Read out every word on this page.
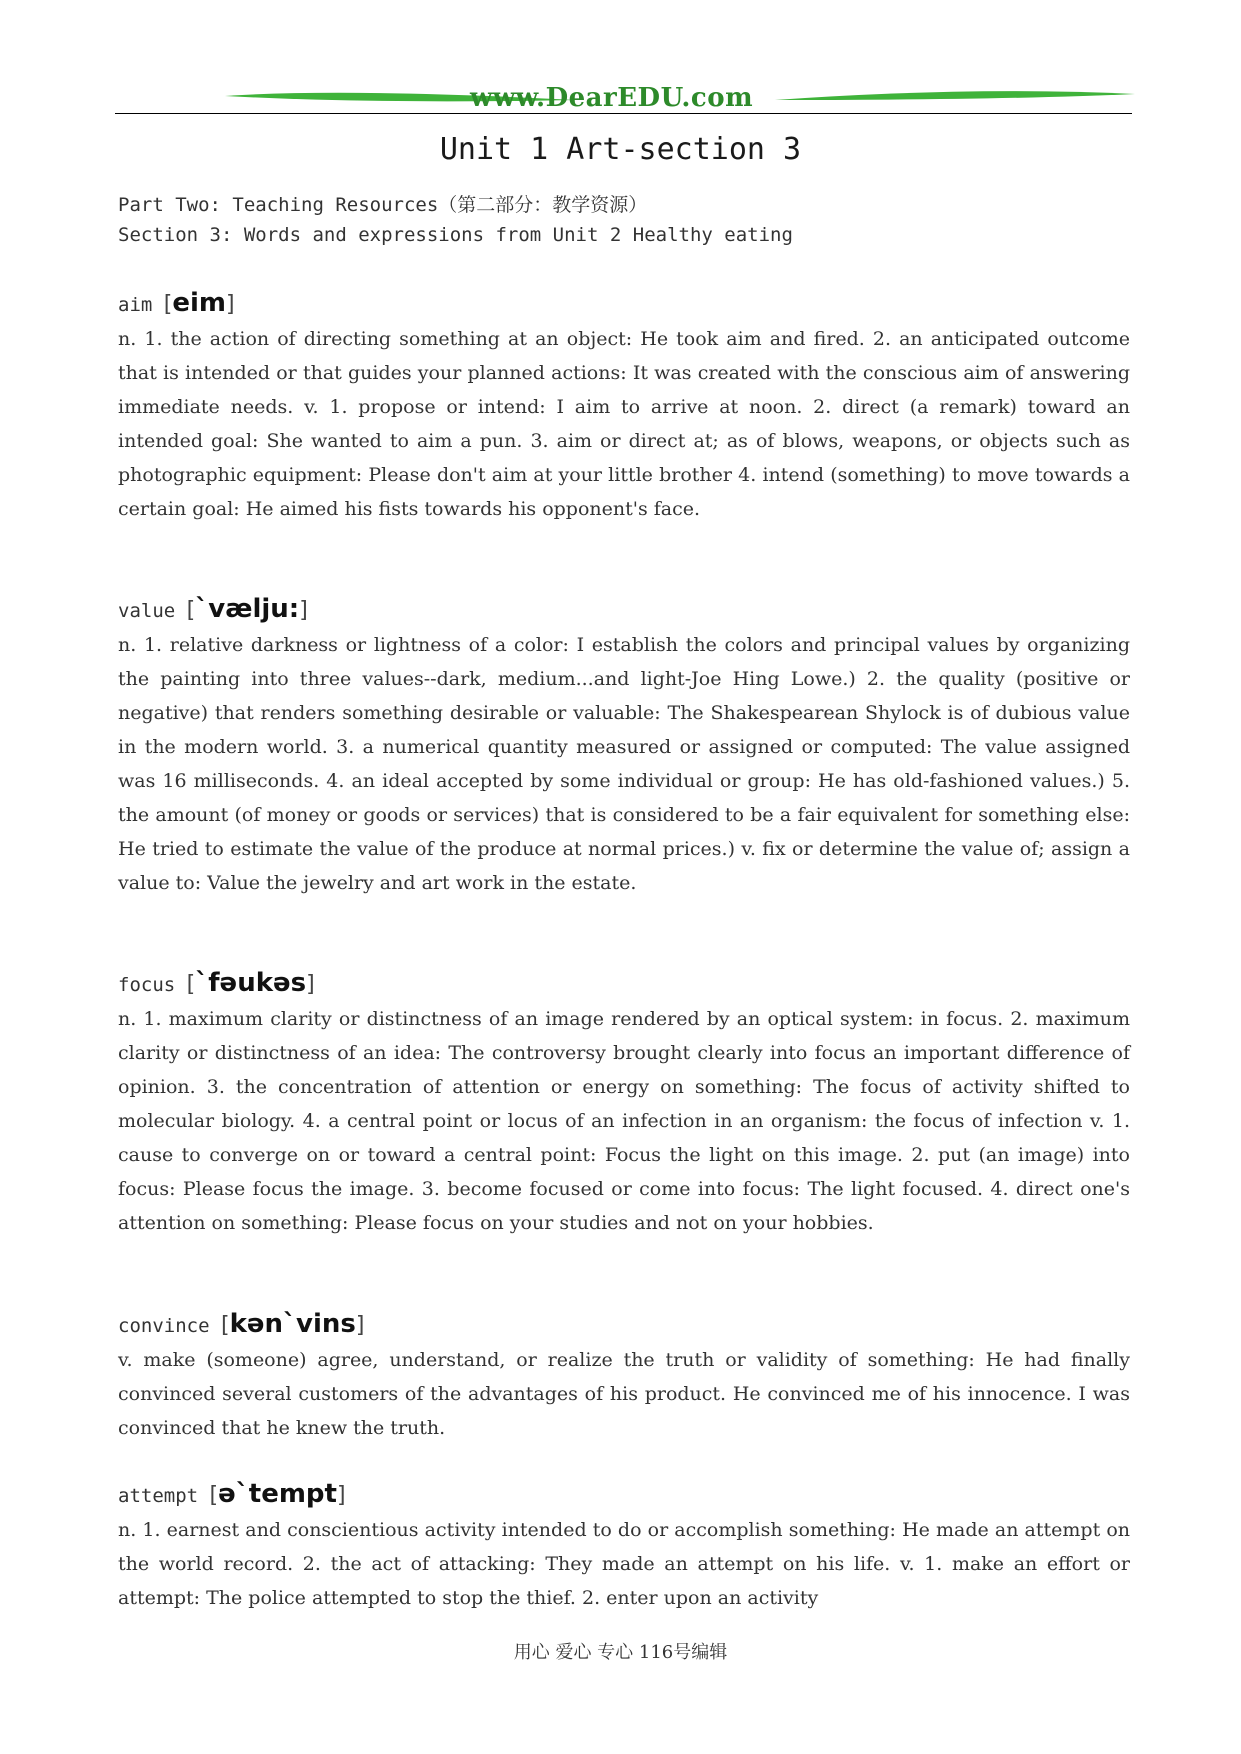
www.DearEDU.com
Unit 1 Art-section 3
Part Two: Teaching Resources（第二部分：教学资源）
Section 3: Words and expressions from Unit 2 Healthy eating
aim [eim]

n. 1. the action of directing something at an object: He took aim and fired. 2. an anticipated outcome that is intended or that guides your planned actions: It was created with the conscious aim of answering immediate needs. v. 1. propose or intend: I aim to arrive at noon. 2. direct (a remark) toward an intended goal: She wanted to aim a pun. 3. aim or direct at; as of blows, weapons, or objects such as photographic equipment: Please don't aim at your little brother 4. intend (something) to move towards a certain goal: He aimed his fists towards his opponent's face.

value [`vælju:]

n. 1. relative darkness or lightness of a color: I establish the colors and principal values by organizing the painting into three values--dark, medium...and light-Joe Hing Lowe.) 2. the quality (positive or negative) that renders something desirable or valuable: The Shakespearean Shylock is of dubious value in the modern world. 3. a numerical quantity measured or assigned or computed: The value assigned was 16 milliseconds. 4. an ideal accepted by some individual or group: He has old-fashioned values.) 5. the amount (of money or goods or services) that is considered to be a fair equivalent for something else: He tried to estimate the value of the produce at normal prices.) v. fix or determine the value of; assign a value to: Value the jewelry and art work in the estate.

focus [`fəukəs]

n. 1. maximum clarity or distinctness of an image rendered by an optical system: in focus. 2. maximum clarity or distinctness of an idea: The controversy brought clearly into focus an important difference of opinion. 3. the concentration of attention or energy on something: The focus of activity shifted to molecular biology. 4. a central point or locus of an infection in an organism: the focus of infection v. 1. cause to converge on or toward a central point: Focus the light on this image. 2. put (an image) into focus: Please focus the image. 3. become focused or come into focus: The light focused. 4. direct one's attention on something: Please focus on your studies and not on your hobbies.

convince [kən`vins]

v. make (someone) agree, understand, or realize the truth or validity of something: He had finally convinced several customers of the advantages of his product. He convinced me of his innocence. I was convinced that he knew the truth.

attempt [ə`tempt]

n. 1. earnest and conscientious activity intended to do or accomplish something: He made an attempt on the world record. 2. the act of attacking: They made an attempt on his life. v. 1. make an effort or attempt: The police attempted to stop the thief. 2. enter upon an activity

用心 爱心 专心 116号编辑
